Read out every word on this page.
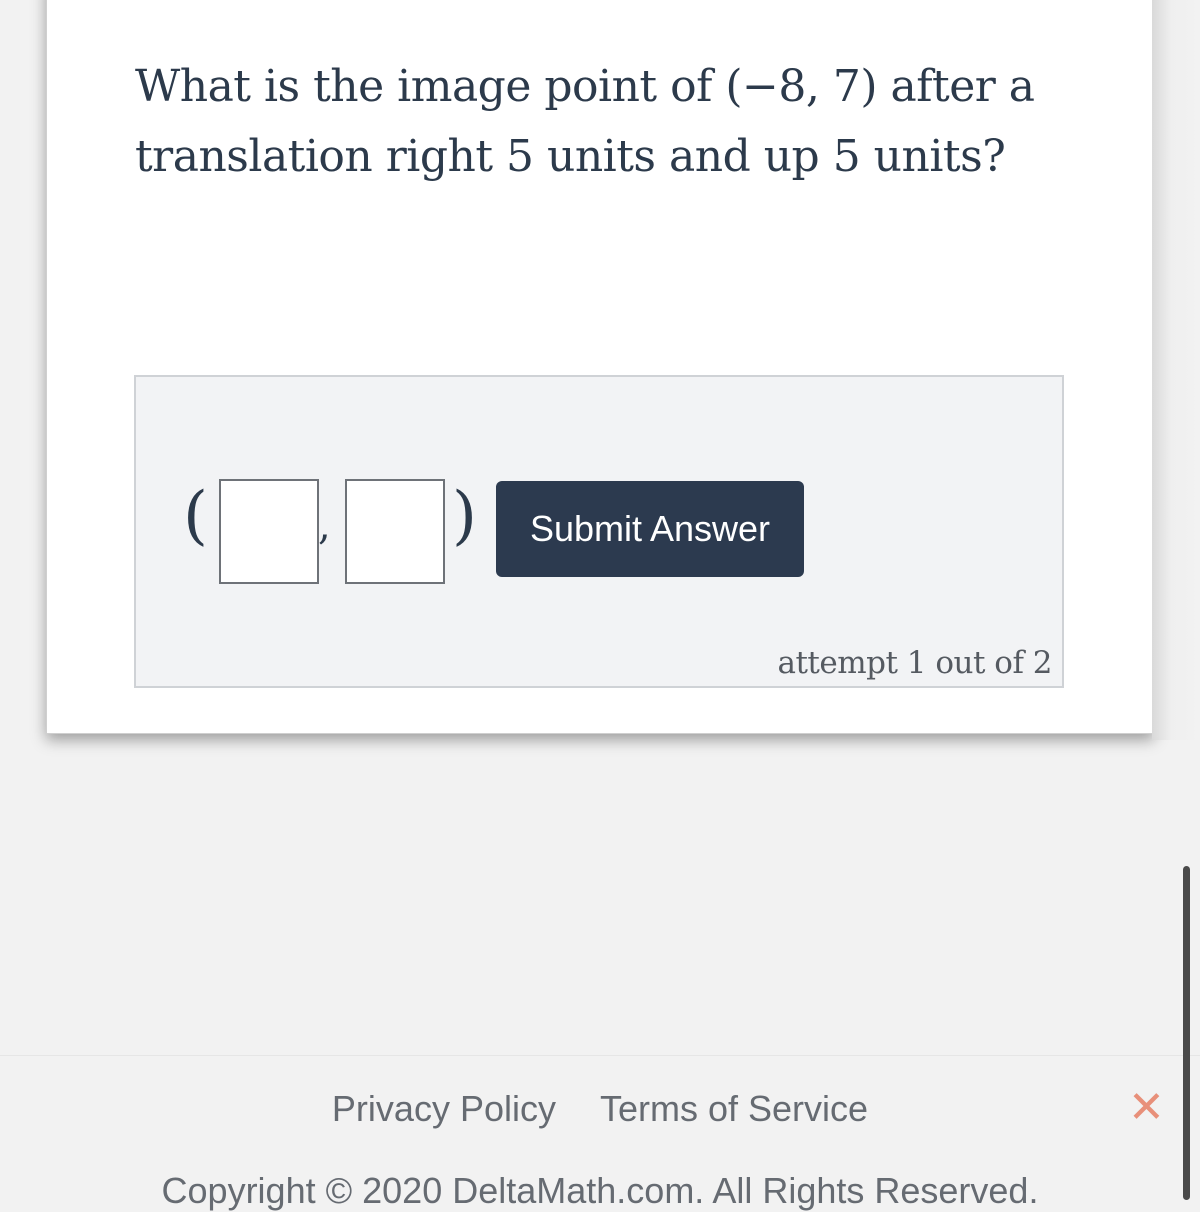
What is the image point of (−8, 7) after a translation right 5 units and up 5 units?

(	, )	Submit Answer
attempt 1 out of 2
Privacy Policy Terms of Service	✕
Copyright © 2020 DeltaMath.com. All Rights Reserved.
